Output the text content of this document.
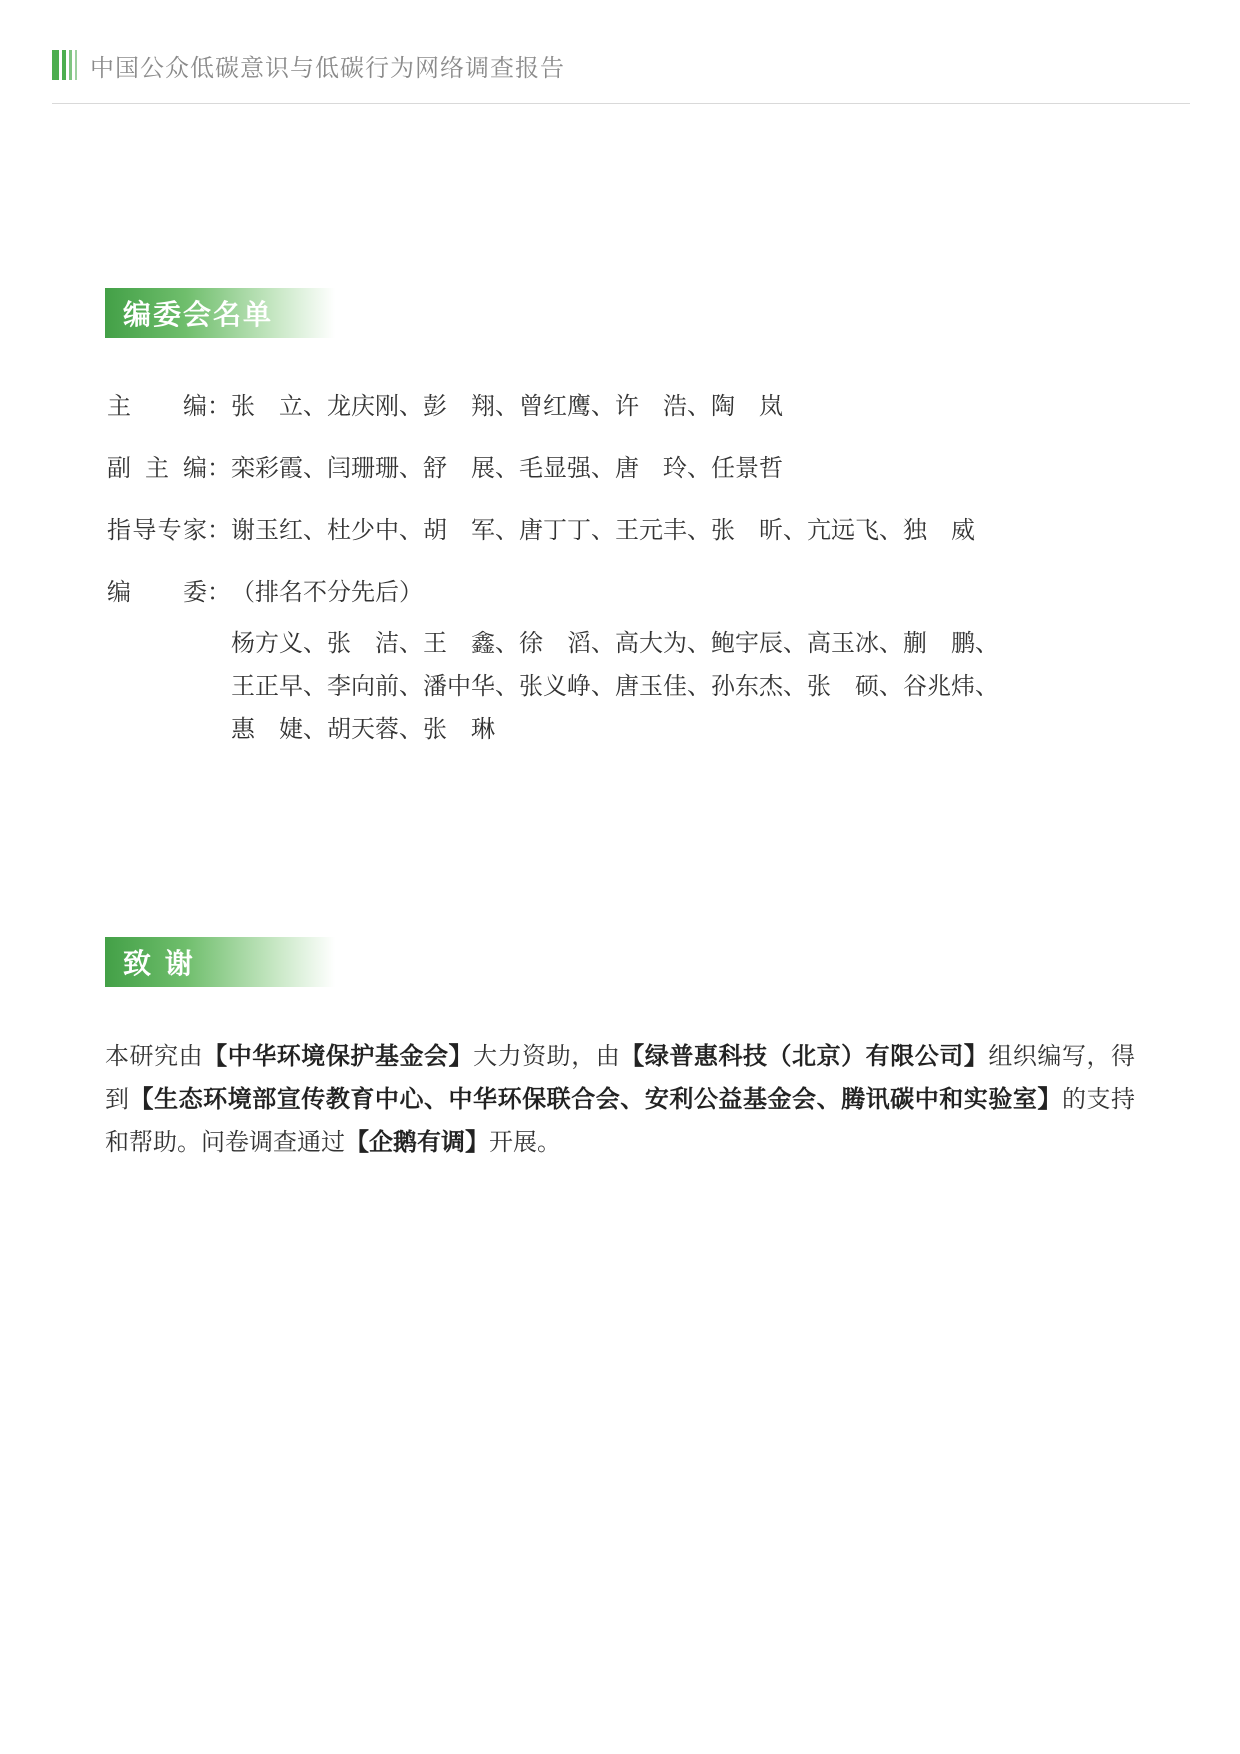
中国公众低碳意识与低碳行为网络调查报告
编委会名单
主编 ： 张　立、龙庆刚、彭　翔、曾红鹰、许　浩、陶　岚
副主编 ： 栾彩霞、闫珊珊、舒　展、毛显强、唐　玲、任景哲
指导专家 ： 谢玉红、杜少中、胡　军、唐丁丁、王元丰、张　昕、亢远飞、独　威
编委 ： （排名不分先后）
杨方义、张　洁、王　鑫、徐　滔、高大为、鲍宇辰、高玉冰、蒯　鹏、
王正早、李向前、潘中华、张义峥、唐玉佳、孙东杰、张　硕、谷兆炜、
惠　婕、胡天蓉、张　琳
致 谢
本研究由【中华环境保护基金会】大力资助，由【绿普惠科技（北京）有限公司】组织编写，得到【生态环境部宣传教育中心、中华环保联合会、安利公益基金会、腾讯碳中和实验室】的支持和帮助。问卷调查通过【企鹅有调】开展。
